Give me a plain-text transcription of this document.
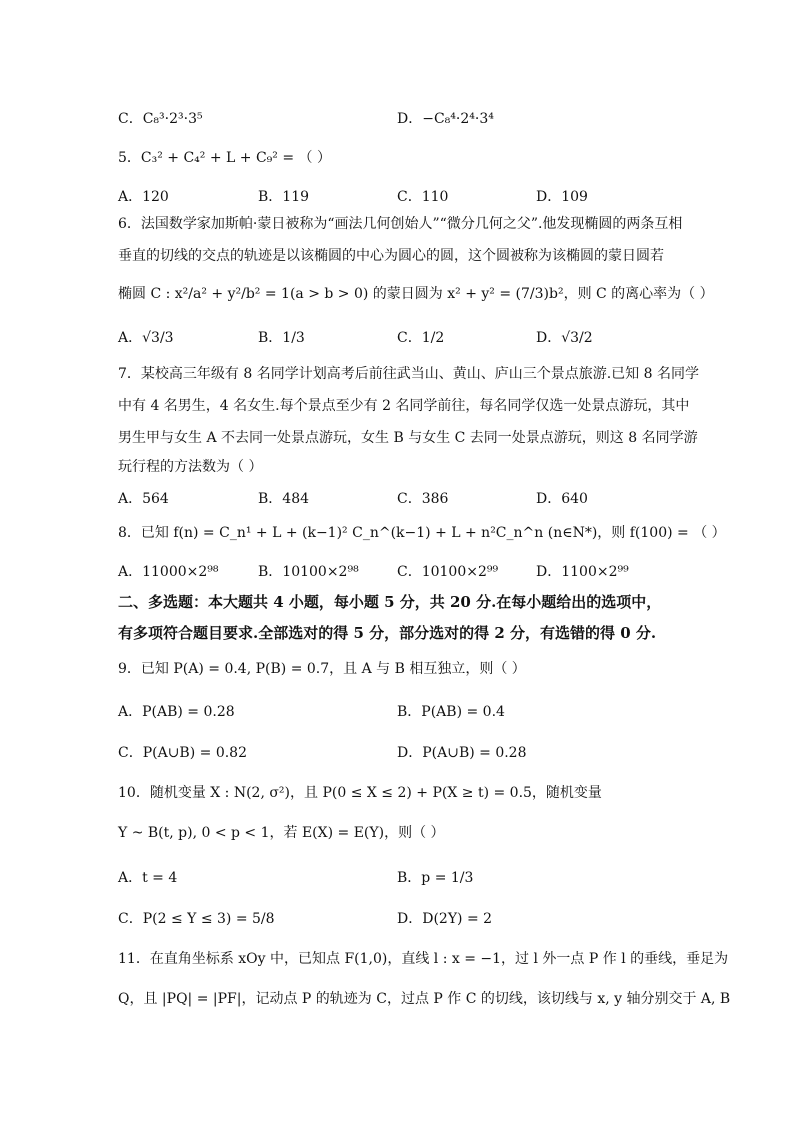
C．C₈³·2³·3⁵	D．−C₈⁴·2⁴·3⁴
5．C₃² + C₄² + L + C₉² = （ ）
A．120	B．119	C．110	D．109
6．法国数学家加斯帕·蒙日被称为“画法几何创始人”“微分几何之父”.他发现椭圆的两条互相
垂直的切线的交点的轨迹是以该椭圆的中心为圆心的圆，这个圆被称为该椭圆的蒙日圆若
椭圆 C : x²/a² + y²/b² = 1(a > b > 0) 的蒙日圆为 x² + y² = (7/3)b²，则 C 的离心率为（ ）
A．√3/3	B．1/3	C．1/2	D．√3/2
7．某校高三年级有 8 名同学计划高考后前往武当山、黄山、庐山三个景点旅游.已知 8 名同学
中有 4 名男生，4 名女生.每个景点至少有 2 名同学前往，每名同学仅选一处景点游玩，其中
男生甲与女生 A 不去同一处景点游玩，女生 B 与女生 C 去同一处景点游玩，则这 8 名同学游
玩行程的方法数为（ ）
A．564	B．484	C．386	D．640
8．已知 f(n) = C_n¹ + L + (k−1)² C_n^(k−1) + L + n²C_n^n (n∈N*)，则 f(100) = （ ）
A．11000×2⁹⁸	B．10100×2⁹⁸	C．10100×2⁹⁹	D．1100×2⁹⁹
二、多选题：本大题共 4 小题，每小题 5 分，共 20 分.在每小题给出的选项中，
有多项符合题目要求.全部选对的得 5 分，部分选对的得 2 分，有选错的得 0 分.
9．已知 P(A) = 0.4, P(B) = 0.7，且 A 与 B 相互独立，则（ ）
A．P(AB) = 0.28	B．P(AB) = 0.4
C．P(A∪B) = 0.82	D．P(A∪B) = 0.28
10．随机变量 X : N(2, σ²)，且 P(0 ≤ X ≤ 2) + P(X ≥ t) = 0.5，随机变量
Y ~ B(t, p), 0 < p < 1，若 E(X) = E(Y)，则（ ）
A．t = 4	B．p = 1/3
C．P(2 ≤ Y ≤ 3) = 5/8	D．D(2Y) = 2
11．在直角坐标系 xOy 中，已知点 F(1,0)，直线 l : x = −1，过 l 外一点 P 作 l 的垂线，垂足为
Q，且 |PQ| = |PF|，记动点 P 的轨迹为 C，过点 P 作 C 的切线，该切线与 x, y 轴分别交于 A, B
